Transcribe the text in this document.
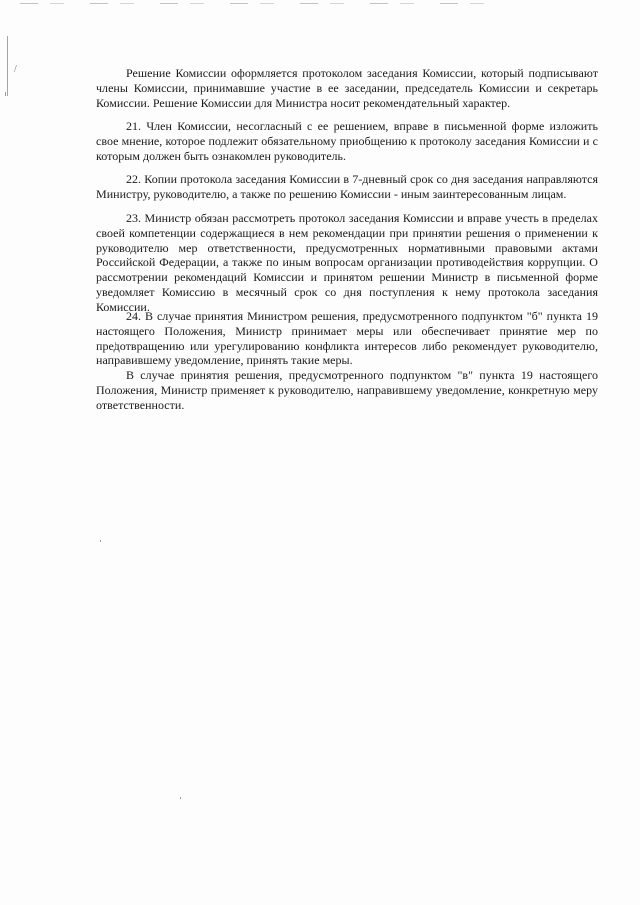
/	Решение Комиссии оформляется протоколом заседания Комиссии, который подписывают члены Комиссии, принимавшие участие в ее заседании, председатель Комиссии и секретарь Комиссии. Решение Комиссии для Министра носит рекомендательный характер.

21. Член Комиссии, несогласный с ее решением, вправе в письменной форме изложить свое мнение, которое подлежит обязательному приобщению к протоколу заседания Комиссии и с которым должен быть ознакомлен руководитель.

22. Копии протокола заседания Комиссии в 7-дневный срок со дня заседания направляются Министру, руководителю, а также по решению Комиссии - иным заинтересованным лицам.

23. Министр обязан рассмотреть протокол заседания Комиссии и вправе учесть в пределах своей компетенции содержащиеся в нем рекомендации при принятии решения о применении к руководителю мер ответственности, предусмотренных нормативными правовыми актами Российской Федерации, а также по иным вопросам организации противодействия коррупции. О рассмотрении рекомендаций Комиссии и принятом решении Министр в письменной форме уведомляет Комиссию в месячный срок со дня поступления к нему протокола заседания Комиссии.

24. В случае принятия Министром решения, предусмотренного подпунктом "б" пункта 19 настоящего Положения, Министр принимает меры или обеспечивает принятие мер по предотвращению или урегулированию конфликта интересов либо рекомендует руководителю, направившему уведомление, принять такие меры.

В случае принятия решения, предусмотренного подпунктом "в" пункта 19 настоящего Положения, Министр применяет к руководителю, направившему уведомление, конкретную меру ответственности.
